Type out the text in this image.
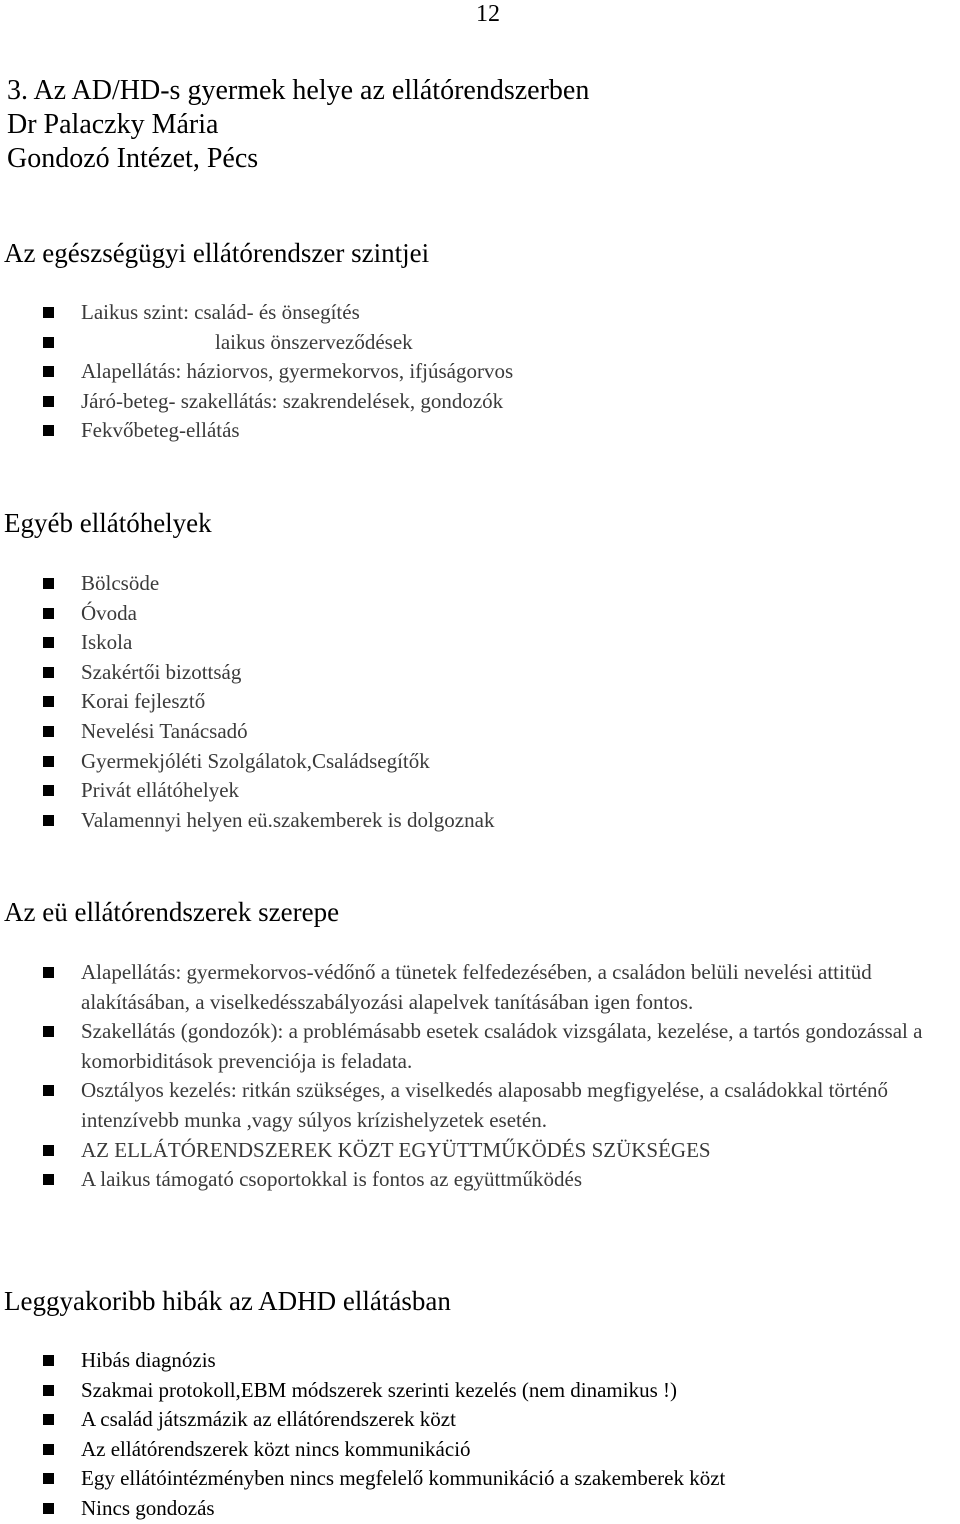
12
3. Az AD/HD-s gyermek helye az ellátórendszerben
Dr Palaczky Mária
Gondozó Intézet, Pécs
Az egészségügyi ellátórendszer szintjei
Laikus szint: család- és önsegítés
laikus önszerveződések
Alapellátás: háziorvos, gyermekorvos, ifjúságorvos
Járó-beteg- szakellátás: szakrendelések, gondozók
Fekvőbeteg-ellátás
Egyéb ellátóhelyek
Bölcsöde
Óvoda
Iskola
Szakértői bizottság
Korai fejlesztő
Nevelési Tanácsadó
Gyermekjóléti Szolgálatok,Családsegítők
Privát ellátóhelyek
Valamennyi helyen eü.szakemberek is dolgoznak
Az eü ellátórendszerek szerepe
Alapellátás: gyermekorvos-védőnő a tünetek felfedezésében, a családon belüli nevelési attitüd alakításában, a viselkedésszabályozási alapelvek tanításában igen fontos.
Szakellátás (gondozók): a problémásabb esetek családok vizsgálata, kezelése, a tartós gondozással a komorbiditások prevenciója is feladata.
Osztályos kezelés: ritkán szükséges, a viselkedés alaposabb megfigyelése, a családokkal történő intenzívebb munka ,vagy súlyos krízishelyzetek esetén.
AZ ELLÁTÓRENDSZEREK KÖZT EGYÜTTMŰKÖDÉS SZÜKSÉGES
A laikus támogató csoportokkal is fontos az együttműködés
Leggyakoribb hibák az ADHD ellátásban
Hibás diagnózis
Szakmai protokoll,EBM módszerek szerinti kezelés (nem dinamikus !)
A család játszmázik az ellátórendszerek közt
Az ellátórendszerek közt nincs kommunikáció
Egy ellátóintézményben nincs megfelelő kommunikáció a szakemberek közt
Nincs gondozás
